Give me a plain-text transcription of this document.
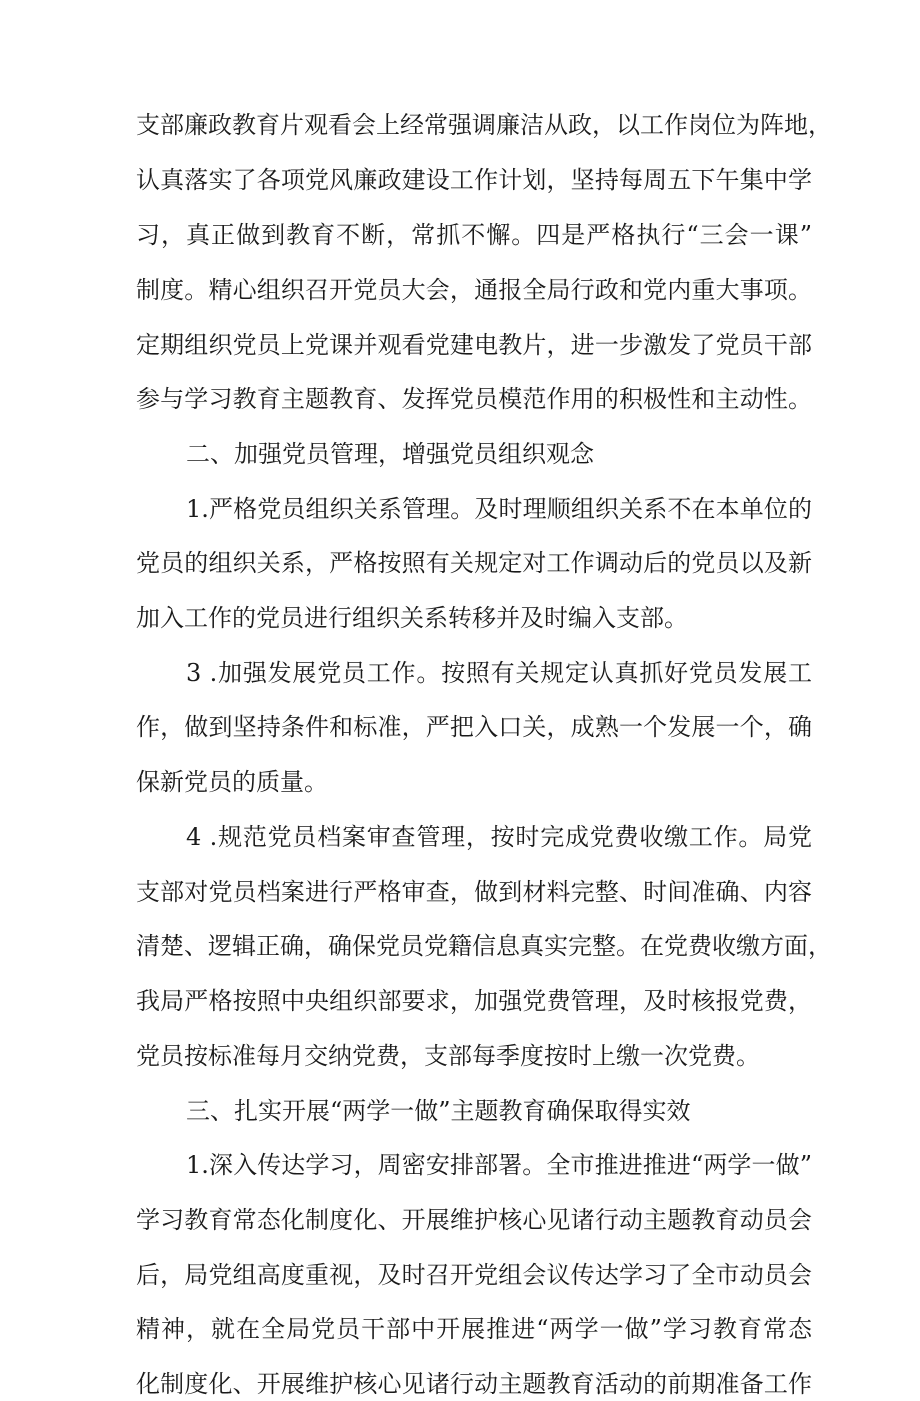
支部廉政教育片观看会上经常强调廉洁从政，以工作岗位为阵地，
认真落实了各项党风廉政建设工作计划，坚持每周五下午集中学
习，真正做到教育不断，常抓不懈。四是严格执行“三会一课”
制度。精心组织召开党员大会，通报全局行政和党内重大事项。
定期组织党员上党课并观看党建电教片，进一步激发了党员干部
参与学习教育主题教育、发挥党员模范作用的积极性和主动性。
二、加强党员管理，增强党员组织观念
1.严格党员组织关系管理。及时理顺组织关系不在本单位的
党员的组织关系，严格按照有关规定对工作调动后的党员以及新
加入工作的党员进行组织关系转移并及时编入支部。
3 .加强发展党员工作。按照有关规定认真抓好党员发展工
作，做到坚持条件和标准，严把入口关，成熟一个发展一个，确
保新党员的质量。
4 .规范党员档案审查管理，按时完成党费收缴工作。局党
支部对党员档案进行严格审查，做到材料完整、时间准确、内容
清楚、逻辑正确，确保党员党籍信息真实完整。在党费收缴方面，
我局严格按照中央组织部要求，加强党费管理，及时核报党费，
党员按标准每月交纳党费，支部每季度按时上缴一次党费。
三、扎实开展“两学一做”主题教育确保取得实效
1.深入传达学习，周密安排部署。全市推进推进“两学一做”
学习教育常态化制度化、开展维护核心见诸行动主题教育动员会
后，局党组高度重视，及时召开党组会议传达学习了全市动员会
精神，就在全局党员干部中开展推进“两学一做”学习教育常态
化制度化、开展维护核心见诸行动主题教育活动的前期准备工作
